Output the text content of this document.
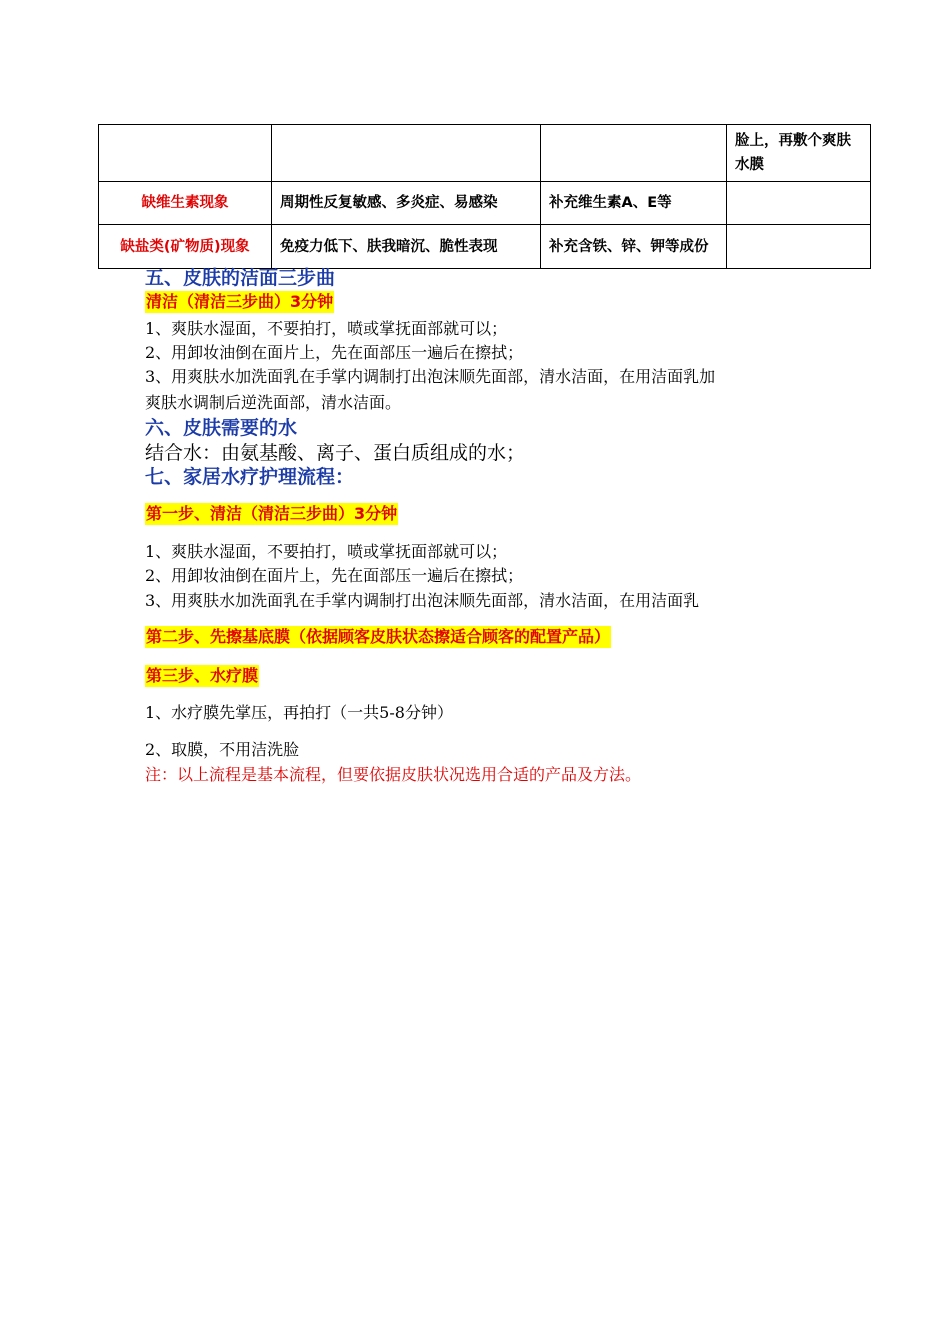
			脸上，再敷个爽肤水膜
缺维生素现象	周期性反复敏感、多炎症、易感染	补充维生素A、E等	
缺盐类(矿物质)现象	免疫力低下、肤我暗沉、脆性表现	补充含铁、锌、钾等成份	
五、皮肤的洁面三步曲
清洁（清洁三步曲）3分钟
1、爽肤水湿面，不要拍打，喷或掌抚面部就可以；
2、用卸妆油倒在面片上，先在面部压一遍后在擦拭；
3、用爽肤水加洗面乳在手掌内调制打出泡沫顺先面部，清水洁面，在用洁面乳加
爽肤水调制后逆洗面部，清水洁面。
六、皮肤需要的水
结合水：由氨基酸、离子、蛋白质组成的水；
七、家居水疗护理流程：
第一步、清洁（清洁三步曲）3分钟
1、爽肤水湿面，不要拍打，喷或掌抚面部就可以；
2、用卸妆油倒在面片上，先在面部压一遍后在擦拭；
3、用爽肤水加洗面乳在手掌内调制打出泡沫顺先面部，清水洁面，在用洁面乳
第二步、先擦基底膜（依据顾客皮肤状态擦适合顾客的配置产品）
第三步、水疗膜
1、水疗膜先掌压，再拍打（一共5-8分钟）
2、取膜，不用洁洗脸
注：以上流程是基本流程，但要依据皮肤状况选用合适的产品及方法。
